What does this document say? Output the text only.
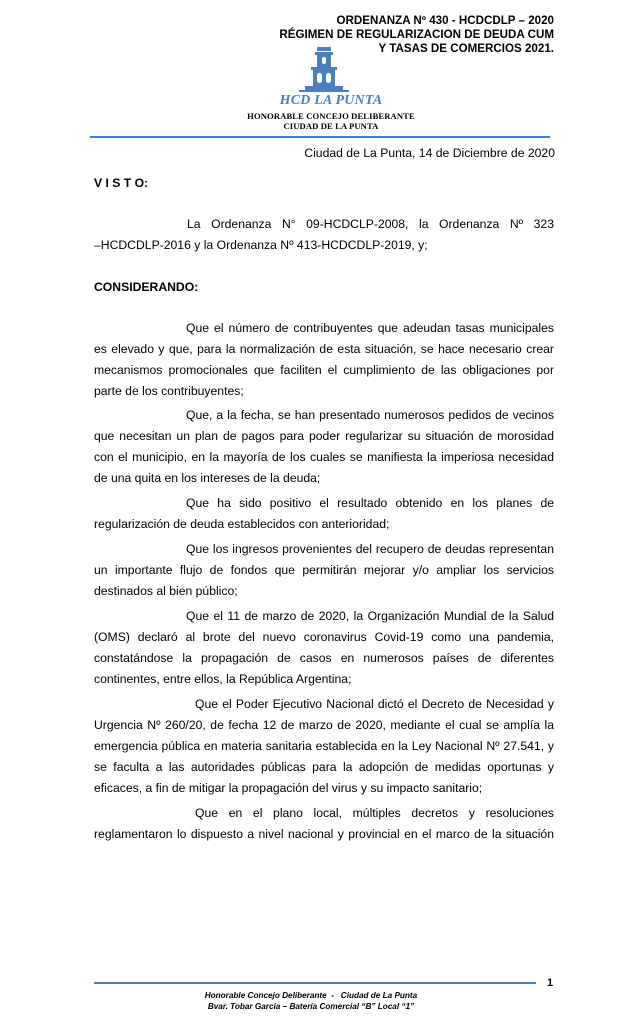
ORDENANZA Nº 430 - HCDCDLP – 2020
RÉGIMEN DE REGULARIZACION DE DEUDA CUM
Y TASAS DE COMERCIOS 2021.
HCD LA PUNTA
HONORABLE CONCEJO DELIBERANTE
CIUDAD DE LA PUNTA
Ciudad de La Punta, 14 de Diciembre de 2020
V I S T O:
La Ordenanza N° 09-HCDCLP-2008, la Ordenanza Nº 323
–HCDCDLP-2016 y la Ordenanza Nº 413-HCDCDLP-2019, y;
CONSIDERANDO:
Que el número de contribuyentes que adeudan tasas municipales
es elevado y que, para la normalización de esta situación, se hace necesario crear
mecanismos promocionales que faciliten el cumplimiento de las obligaciones por
parte de los contribuyentes;
Que, a la fecha, se han presentado numerosos pedidos de vecinos
que necesitan un plan de pagos para poder regularizar su situación de morosidad
con el municipio, en la mayoría de los cuales se manifiesta la imperiosa necesidad
de una quita en los intereses de la deuda;
Que ha sido positivo el resultado obtenido en los planes de
regularización de deuda establecidos con anterioridad;
Que los ingresos provenientes del recupero de deudas representan
un importante flujo de fondos que permitirán mejorar y/o ampliar los servicios
destinados al bien público;
Que el 11 de marzo de 2020, la Organización Mundial de la Salud
(OMS) declaró al brote del nuevo coronavirus Covid-19 como una pandemia,
constatándose la propagación de casos en numerosos países de diferentes
continentes, entre ellos, la República Argentina;
Que el Poder Ejecutivo Nacional dictó el Decreto de Necesidad y
Urgencia Nº 260/20, de fecha 12 de marzo de 2020, mediante el cual se amplía la
emergencia pública en materia sanitaria establecida en la Ley Nacional Nº 27.541, y
se faculta a las autoridades públicas para la adopción de medidas oportunas y
eficaces, a fin de mitigar la propagación del virus y su impacto sanitario;
Que en el plano local, múltiples decretos y resoluciones
reglamentaron lo dispuesto a nivel nacional y provincial en el marco de la situación
1
Honorable Concejo Deliberante  -   Ciudad de La Punta
Bvar. Tobar García – Batería Comercial “B” Local “1”
